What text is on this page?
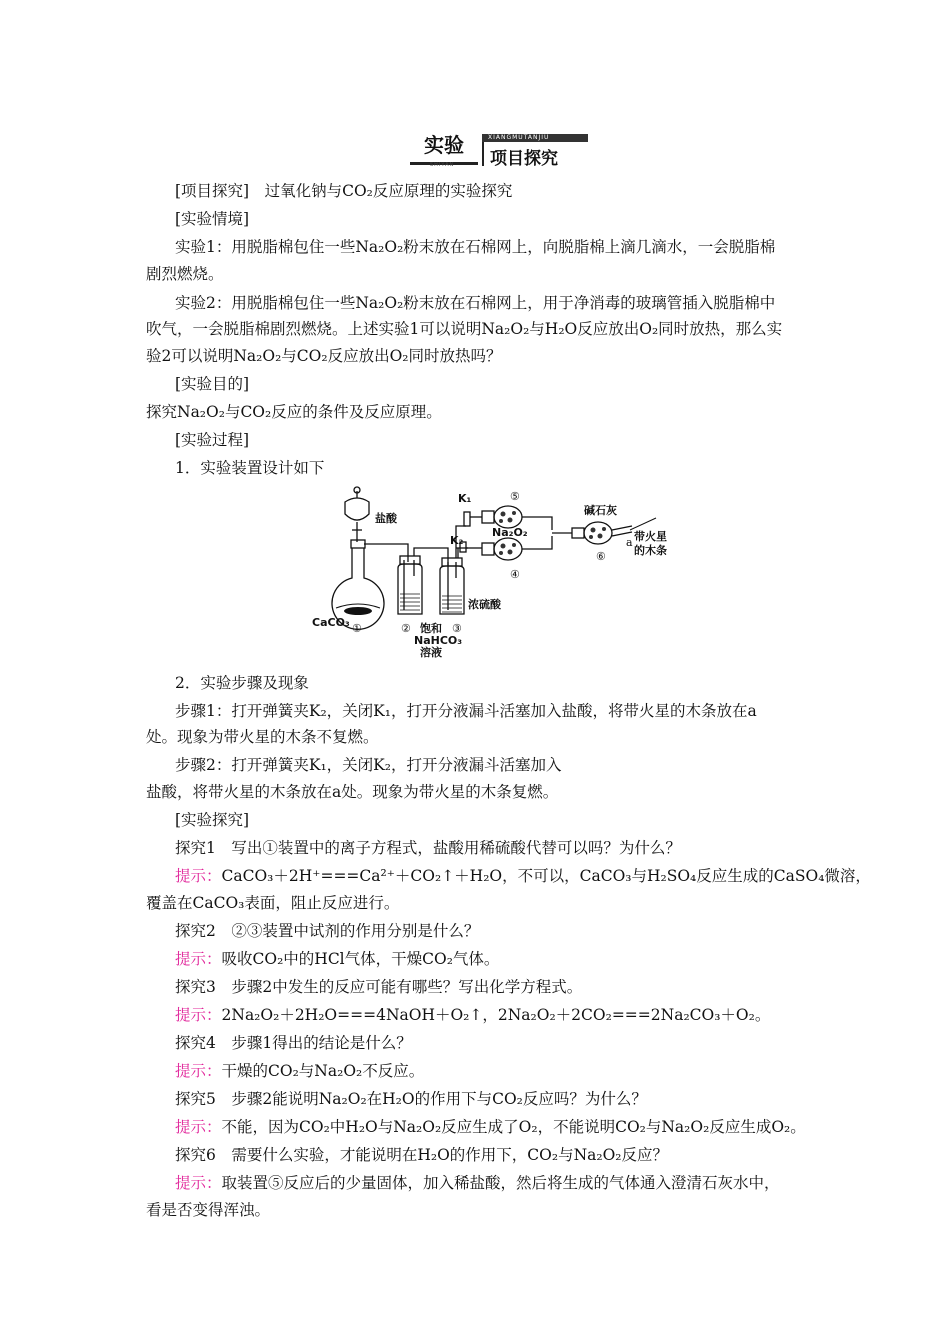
实验
SHIYAN
XIANGMUTANJIU
项目探究
[项目探究]　过氧化钠与CO₂反应原理的实验探究
[实验情境]
实验1：用脱脂棉包住一些Na₂O₂粉末放在石棉网上，向脱脂棉上滴几滴水，一会脱脂棉
剧烈燃烧。
实验2：用脱脂棉包住一些Na₂O₂粉末放在石棉网上，用于净消毒的玻璃管插入脱脂棉中
吹气，一会脱脂棉剧烈燃烧。上述实验1可以说明Na₂O₂与H₂O反应放出O₂同时放热，那么实
验2可以说明Na₂O₂与CO₂反应放出O₂同时放热吗？
[实验目的]
探究Na₂O₂与CO₂反应的条件及反应原理。
[实验过程]
1．实验装置设计如下
盐酸
CaCO₃ ①	②	③
饱和
NaHCO₃
溶液
浓硫酸
K₁
K₂
⑤
Na₂O₂
④
碱石灰
⑥
a 带火星
的木条
2．实验步骤及现象
步骤1：打开弹簧夹K₂，关闭K₁，打开分液漏斗活塞加入盐酸，将带火星的木条放在a
处。现象为带火星的木条不复燃。
步骤2：打开弹簧夹K₁，关闭K₂，打开分液漏斗活塞加入
盐酸，将带火星的木条放在a处。现象为带火星的木条复燃。
[实验探究]
探究1　写出①装置中的离子方程式，盐酸用稀硫酸代替可以吗？为什么？
提示：CaCO₃＋2H⁺===Ca²⁺＋CO₂↑＋H₂O，不可以，CaCO₃与H₂SO₄反应生成的CaSO₄微溶，
覆盖在CaCO₃表面，阻止反应进行。
探究2　②③装置中试剂的作用分别是什么？
提示：吸收CO₂中的HCl气体，干燥CO₂气体。
探究3　步骤2中发生的反应可能有哪些？写出化学方程式。
提示：2Na₂O₂＋2H₂O===4NaOH＋O₂↑，2Na₂O₂＋2CO₂===2Na₂CO₃＋O₂。
探究4　步骤1得出的结论是什么？
提示：干燥的CO₂与Na₂O₂不反应。
探究5　步骤2能说明Na₂O₂在H₂O的作用下与CO₂反应吗？为什么？
提示：不能，因为CO₂中H₂O与Na₂O₂反应生成了O₂，不能说明CO₂与Na₂O₂反应生成O₂。
探究6　需要什么实验，才能说明在H₂O的作用下，CO₂与Na₂O₂反应？
提示：取装置⑤反应后的少量固体，加入稀盐酸，然后将生成的气体通入澄清石灰水中，
看是否变得浑浊。
